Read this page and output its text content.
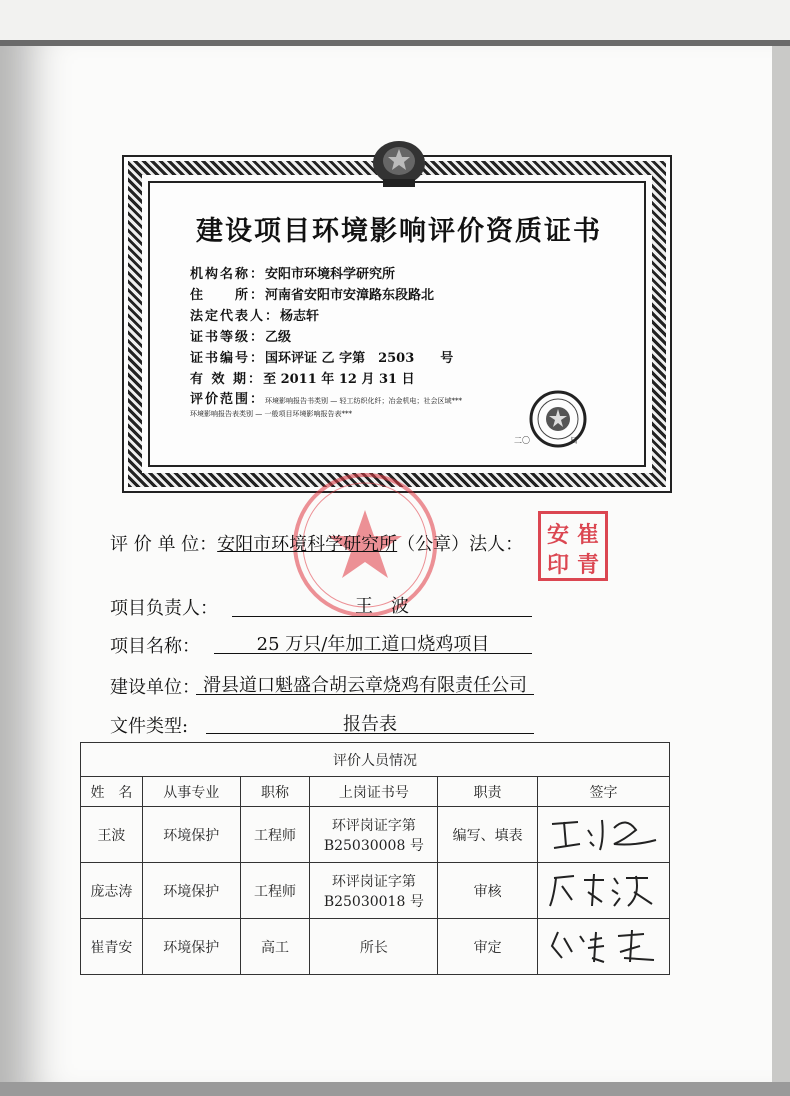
建设项目环境影响评价资质证书
机构名称：安阳市环境科学研究所
住　　所：河南省安阳市安漳路东段路北
法定代表人：杨志轩
证书等级：乙级
证书编号：国环评证 乙 字第　2503　　号
有 效 期：至 2011 年 12 月 31 日
评价范围：环境影响报告书类别 — 轻工纺织化纤；冶金机电；社会区域***
环境影响报告表类别 — 一般项目环境影响报告表***
二〇　　　　　日
安 崔
印 青
评 价 单 位：安阳市环境科学研究所（公章）法人：
项目负责人：	王　波
项目名称：	25 万只/年加工道口烧鸡项目
建设单位： 滑县道口魁盛合胡云章烧鸡有限责任公司
文件类型:	报告表
评价人员情况					
姓　名	从事专业	职称	上岗证书号	职责	签字
王波	环境保护	工程师	环评岗证字第
B25030008 号	编写、填表	
庞志涛	环境保护	工程师	环评岗证字第
B25030018 号	审核	
崔青安	环境保护	高工	所长	审定	
